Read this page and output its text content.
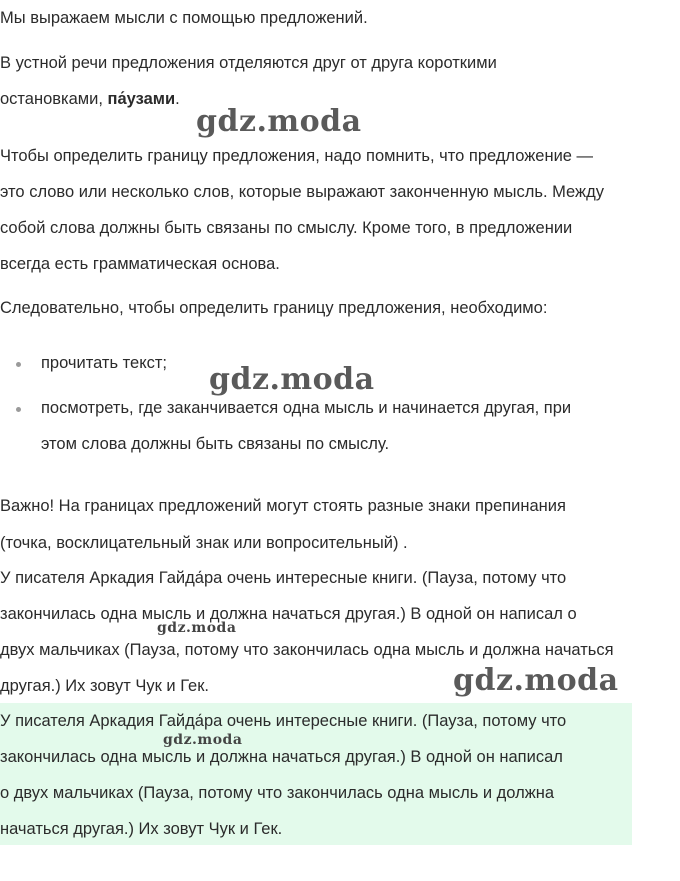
Мы выражаем мысли с помощью предложений.
В устной речи предложения отделяются друг от друга короткими
остановками, па́узами.
gdz.moda
Чтобы определить границу предложения, надо помнить, что предложение —
это слово или несколько слов, которые выражают законченную мысль. Между
собой слова должны быть связаны по смыслу. Кроме того, в предложении
всегда есть грамматическая основа.
Следовательно, чтобы определить границу предложения, необходимо:
прочитать текст; gdz.moda
посмотреть, где заканчивается одна мысль и начинается другая, при
этом слова должны быть связаны по смыслу.
Важно! На границах предложений могут стоять разные знаки препинания
(точка, восклицательный знак или вопросительный) .
У писателя Аркадия Гайда́ра очень интересные книги. (Пауза, потому что
закончилась одна мысль и должна начаться другая.) В одной он написал о
gdz.moda
двух мальчиках (Пауза, потому что закончилась одна мысль и должна начаться
другая.) Их зовут Чук и Гек.	gdz.moda
У писателя Аркадия Гайда́ра очень интересные книги. (Пауза, потому что
gdz.moda
закончилась одна мысль и должна начаться другая.) В одной он написал
о двух мальчиках (Пауза, потому что закончилась одна мысль и должна
начаться другая.) Их зовут Чук и Гек.
